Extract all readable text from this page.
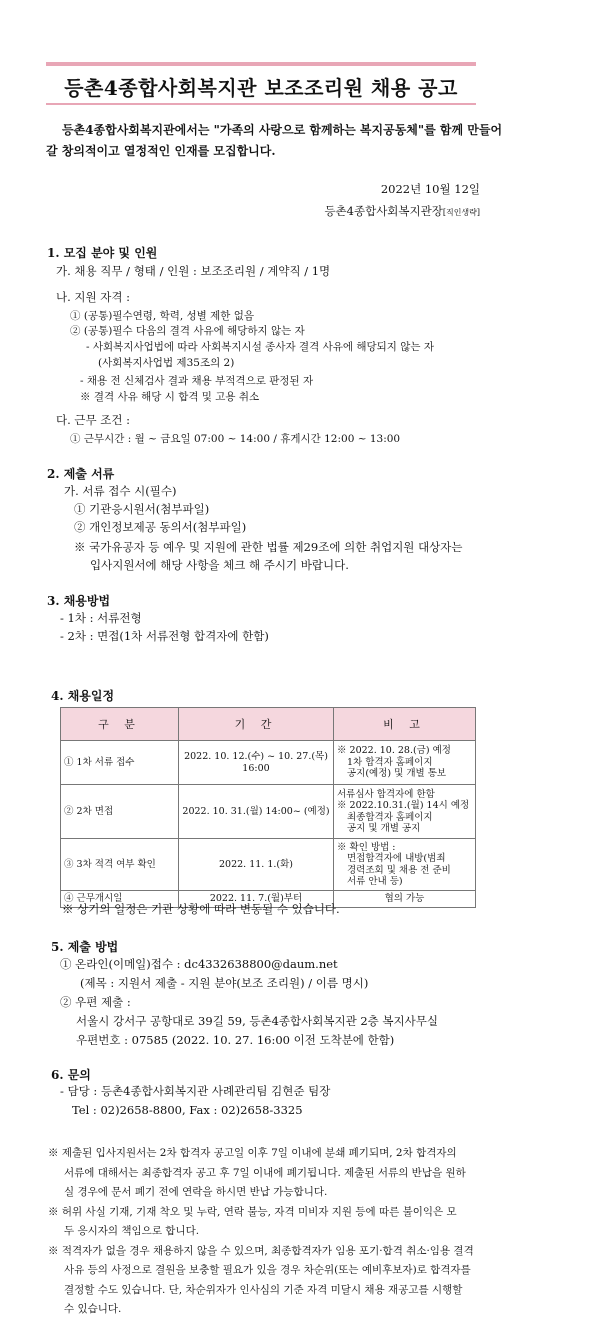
등촌4종합사회복지관 보조조리원 채용 공고
등촌4종합사회복지관에서는 "가족의 사랑으로 함께하는 복지공동체"를 함께 만들어
갈 창의적이고 열정적인 인재를 모집합니다.
2022년 10월 12일
등촌4종합사회복지관장[직인생략]
1. 모집 분야 및 인원
가. 채용 직무 / 형태 / 인원 : 보조조리원 / 계약직 / 1명
나. 지원 자격 :
① (공통)필수연령, 학력, 성별 제한 없음
② (공통)필수 다음의 결격 사유에 해당하지 않는 자
- 사회복지사업법에 따라 사회복지시설 종사자 결격 사유에 해당되지 않는 자
(사회복지사업법 제35조의 2)
- 채용 전 신체검사 결과 채용 부적격으로 판정된 자
※ 결격 사유 해당 시 합격 및 고용 취소
다. 근무 조건 :
① 근무시간 : 월 ~ 금요일 07:00 ~ 14:00 / 휴게시간 12:00 ~ 13:00
2. 제출 서류
가. 서류 접수 시(필수)
① 기관응시원서(첨부파일)
② 개인정보제공 동의서(첨부파일)
※ 국가유공자 등 예우 및 지원에 관한 법률 제29조에 의한 취업지원 대상자는
입사지원서에 해당 사항을 체크 해 주시기 바랍니다.
3. 채용방법
- 1차 : 서류전형
- 2차 : 면접(1차 서류전형 합격자에 한함)
4. 채용일정
구 분	기 간	비 고
① 1차 서류 접수	2022. 10. 12.(수) ~ 10. 27.(목) 16:00	※ 2022. 10. 28.(금) 예정
1차 합격자 홈페이지
공지(예정) 및 개별 통보

② 2차 면접	2022. 10. 31.(월) 14:00~ (예정)	서류심사 합격자에 한함
※ 2022.10.31.(월) 14시 예정
최종합격자 홈페이지
공지 및 개별 공지

③ 3차 적격 여부 확인	2022. 11. 1.(화)	※ 확인 방법 :
면접합격자에 내방(범죄
경력조회 및 채용 전 준비
서류 안내 등)

④ 근무개시일	2022. 11. 7.(월)부터	협의 가능
※ 상기의 일정은 기관 상황에 따라 변동될 수 있습니다.
5. 제출 방법
① 온라인(이메일)접수 : dc4332638800@daum.net
(제목 : 지원서 제출 - 지원 분야(보조 조리원) / 이름 명시)
② 우편 제출 :
서울시 강서구 공항대로 39길 59, 등촌4종합사회복지관 2층 복지사무실
우편번호 : 07585 (2022. 10. 27. 16:00 이전 도착분에 한함)
6. 문의
- 담당 : 등촌4종합사회복지관 사례관리팀 김현준 팀장
Tel : 02)2658-8800, Fax : 02)2658-3325
※ 제출된 입사지원서는 2차 합격자 공고일 이후 7일 이내에 분쇄 폐기되며, 2차 합격자의
서류에 대해서는 최종합격자 공고 후 7일 이내에 폐기됩니다. 제출된 서류의 반납을 원하
실 경우에 문서 폐기 전에 연락을 하시면 반납 가능합니다.
※ 허위 사실 기재, 기재 착오 및 누락, 연락 불능, 자격 미비자 지원 등에 따른 불이익은 모
두 응시자의 책임으로 합니다.
※ 적격자가 없을 경우 채용하지 않을 수 있으며, 최종합격자가 임용 포기·합격 취소·임용 결격
사유 등의 사정으로 결원을 보충할 필요가 있을 경우 차순위(또는 예비후보자)로 합격자를
결정할 수도 있습니다. 단, 차순위자가 인사심의 기준 자격 미달시 채용 재공고를 시행할
수 있습니다.
